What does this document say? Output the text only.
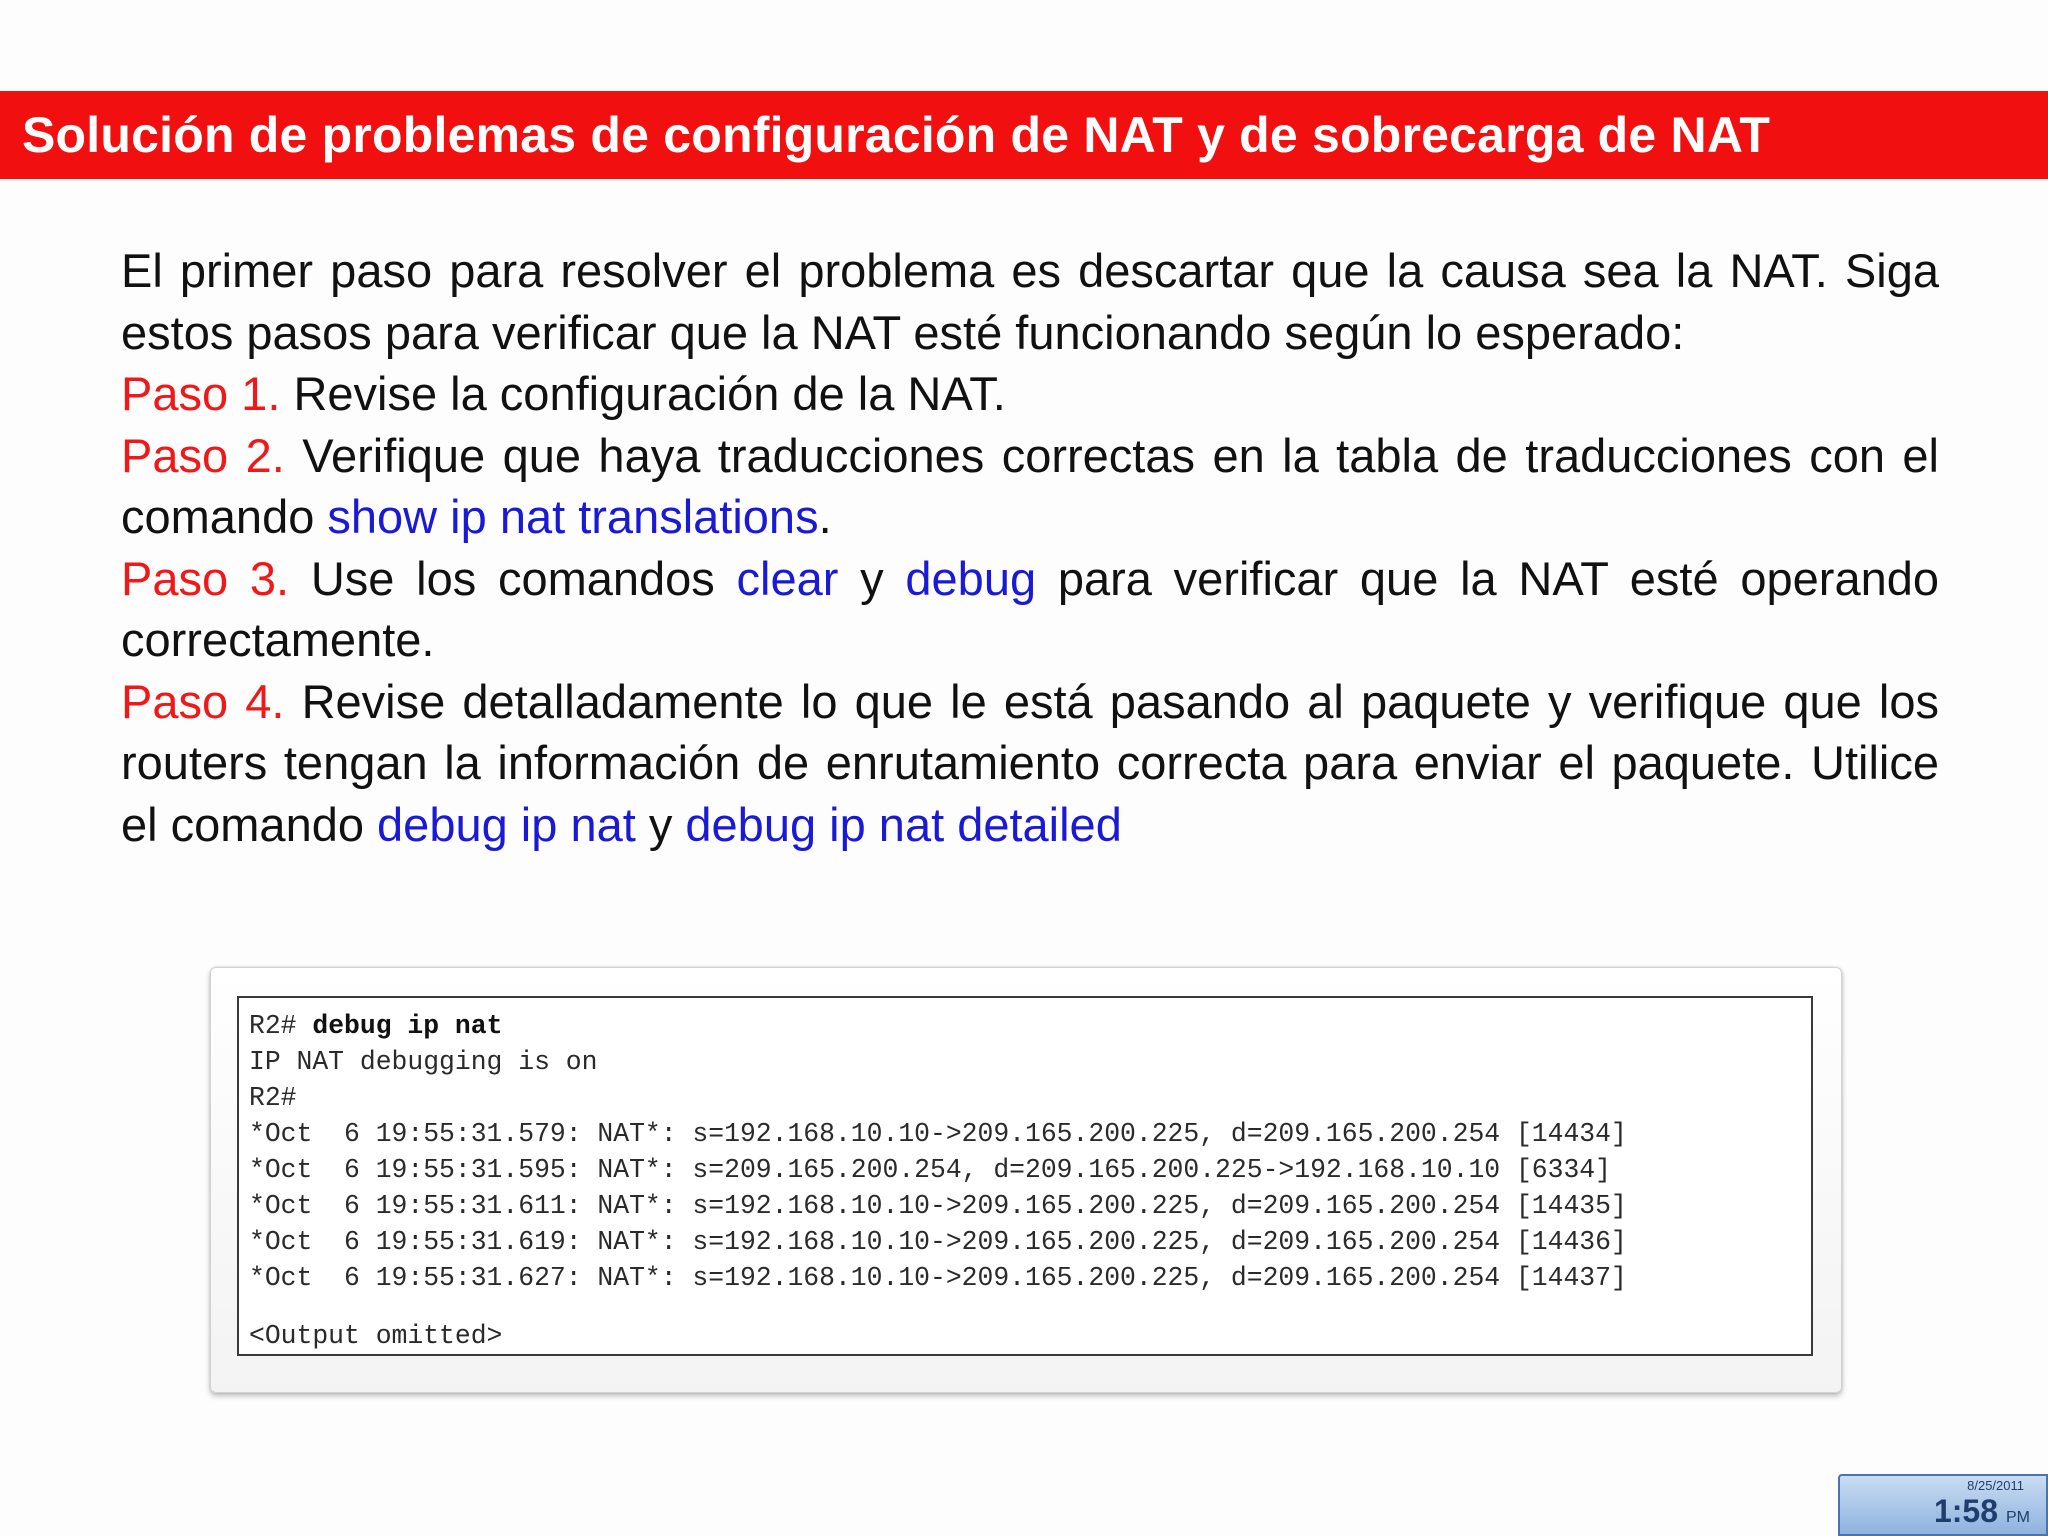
Solución de problemas de configuración de NAT y de sobrecarga de NAT

El primer paso para resolver el problema es descartar que la causa sea la NAT. Siga estos pasos para verificar que la NAT esté funcionando según lo esperado:

Paso 1. Revise la configuración de la NAT.

Paso 2. Verifique que haya traducciones correctas en la tabla de traducciones con el comando show ip nat translations.

Paso 3. Use los comandos clear y debug para verificar que la NAT esté operando correctamente.

Paso 4. Revise detalladamente lo que le está pasando al paquete y verifique que los routers tengan la información de enrutamiento correcta para enviar el paquete. Utilice el comando debug ip nat y debug ip nat detailed

R2# debug ip nat
IP NAT debugging is on
R2#
*Oct  6 19:55:31.579: NAT*: s=192.168.10.10->209.165.200.225, d=209.165.200.254 [14434]
*Oct  6 19:55:31.595: NAT*: s=209.165.200.254, d=209.165.200.225->192.168.10.10 [6334]
*Oct  6 19:55:31.611: NAT*: s=192.168.10.10->209.165.200.225, d=209.165.200.254 [14435]
*Oct  6 19:55:31.619: NAT*: s=192.168.10.10->209.165.200.225, d=209.165.200.254 [14436]
*Oct  6 19:55:31.627: NAT*: s=192.168.10.10->209.165.200.225, d=209.165.200.254 [14437]
<Output omitted>
8/25/2011
1:58 PM
